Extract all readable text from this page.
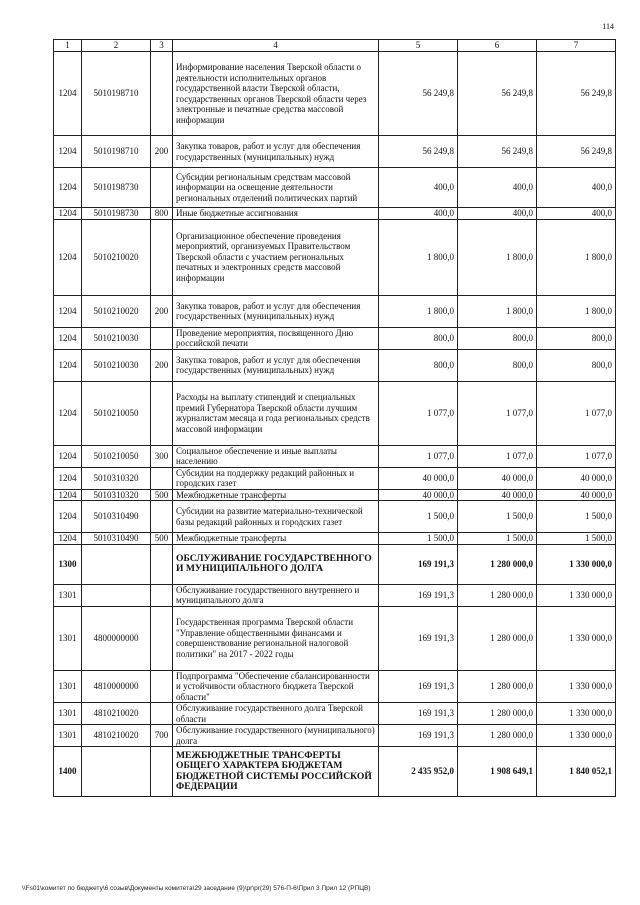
114
1	2	3	4	5	6	7
1204	5010198710		Информирование населения Тверской области о деятельности исполнительных органов государственной власти Тверской области, государственных органов Тверской области через электронные и печатные средства массовой информации	56 249,8	56 249,8	56 249,8
1204	5010198710	200	Закупка товаров, работ и услуг для обеспечения государственных (муниципальных) нужд	56 249,8	56 249,8	56 249,8
1204	5010198730		Субсидии региональным средствам массовой информации на освещение деятельности региональных отделений политических партий	400,0	400,0	400,0
1204	5010198730	800	Иные бюджетные ассигнования	400,0	400,0	400,0
1204	5010210020		Организационное обеспечение проведения мероприятий, организуемых Правительством Тверской области с участием региональных печатных и электронных средств массовой информации	1 800,0	1 800,0	1 800,0
1204	5010210020	200	Закупка товаров, работ и услуг для обеспечения государственных (муниципальных) нужд	1 800,0	1 800,0	1 800,0
1204	5010210030		Проведение мероприятия, посвященного Дню российской печати	800,0	800,0	800,0
1204	5010210030	200	Закупка товаров, работ и услуг для обеспечения государственных (муниципальных) нужд	800,0	800,0	800,0
1204	5010210050		Расходы на выплату стипендий и специальных премий Губернатора Тверской области лучшим журналистам месяца и года региональных средств массовой информации	1 077,0	1 077,0	1 077,0
1204	5010210050	300	Социальное обеспечение и иные выплаты населению	1 077,0	1 077,0	1 077,0
1204	5010310320		Субсидии на поддержку редакций районных и городских газет	40 000,0	40 000,0	40 000,0
1204	5010310320	500	Межбюджетные трансферты	40 000,0	40 000,0	40 000,0
1204	5010310490		Субсидии на развитие материально-технической базы редакций районных и городских газет	1 500,0	1 500,0	1 500,0
1204	5010310490	500	Межбюджетные трансферты	1 500,0	1 500,0	1 500,0
1300			ОБСЛУЖИВАНИЕ ГОСУДАРСТВЕННОГО И МУНИЦИПАЛЬНОГО ДОЛГА	169 191,3	1 280 000,0	1 330 000,0
1301			Обслуживание государственного внутреннего и муниципального долга	169 191,3	1 280 000,0	1 330 000,0
1301	4800000000		Государственная программа Тверской области "Управление общественными финансами и совершенствование региональной налоговой политики" на 2017 - 2022 годы	169 191,3	1 280 000,0	1 330 000,0
1301	4810000000		Подпрограмма "Обеспечение сбалансированности и устойчивости областного бюджета Тверской области"	169 191,3	1 280 000,0	1 330 000,0
1301	4810210020		Обслуживание государственного долга Тверской области	169 191,3	1 280 000,0	1 330 000,0
1301	4810210020	700	Обслуживание государственного (муниципального) долга	169 191,3	1 280 000,0	1 330 000,0
1400			МЕЖБЮДЖЕТНЫЕ ТРАНСФЕРТЫ ОБЩЕГО ХАРАКТЕРА БЮДЖЕТАМ БЮДЖЕТНОЙ СИСТЕМЫ РОССИЙСКОЙ ФЕДЕРАЦИИ	2 435 952,0	1 908 649,1	1 840 052,1
\\Fs01\комитет по бюджету\6 созыв\Документы комитета\29 заседание (9)\pr\pr(29) 576-П-6\Прил 3 Прил 12 (РПЦВ)
